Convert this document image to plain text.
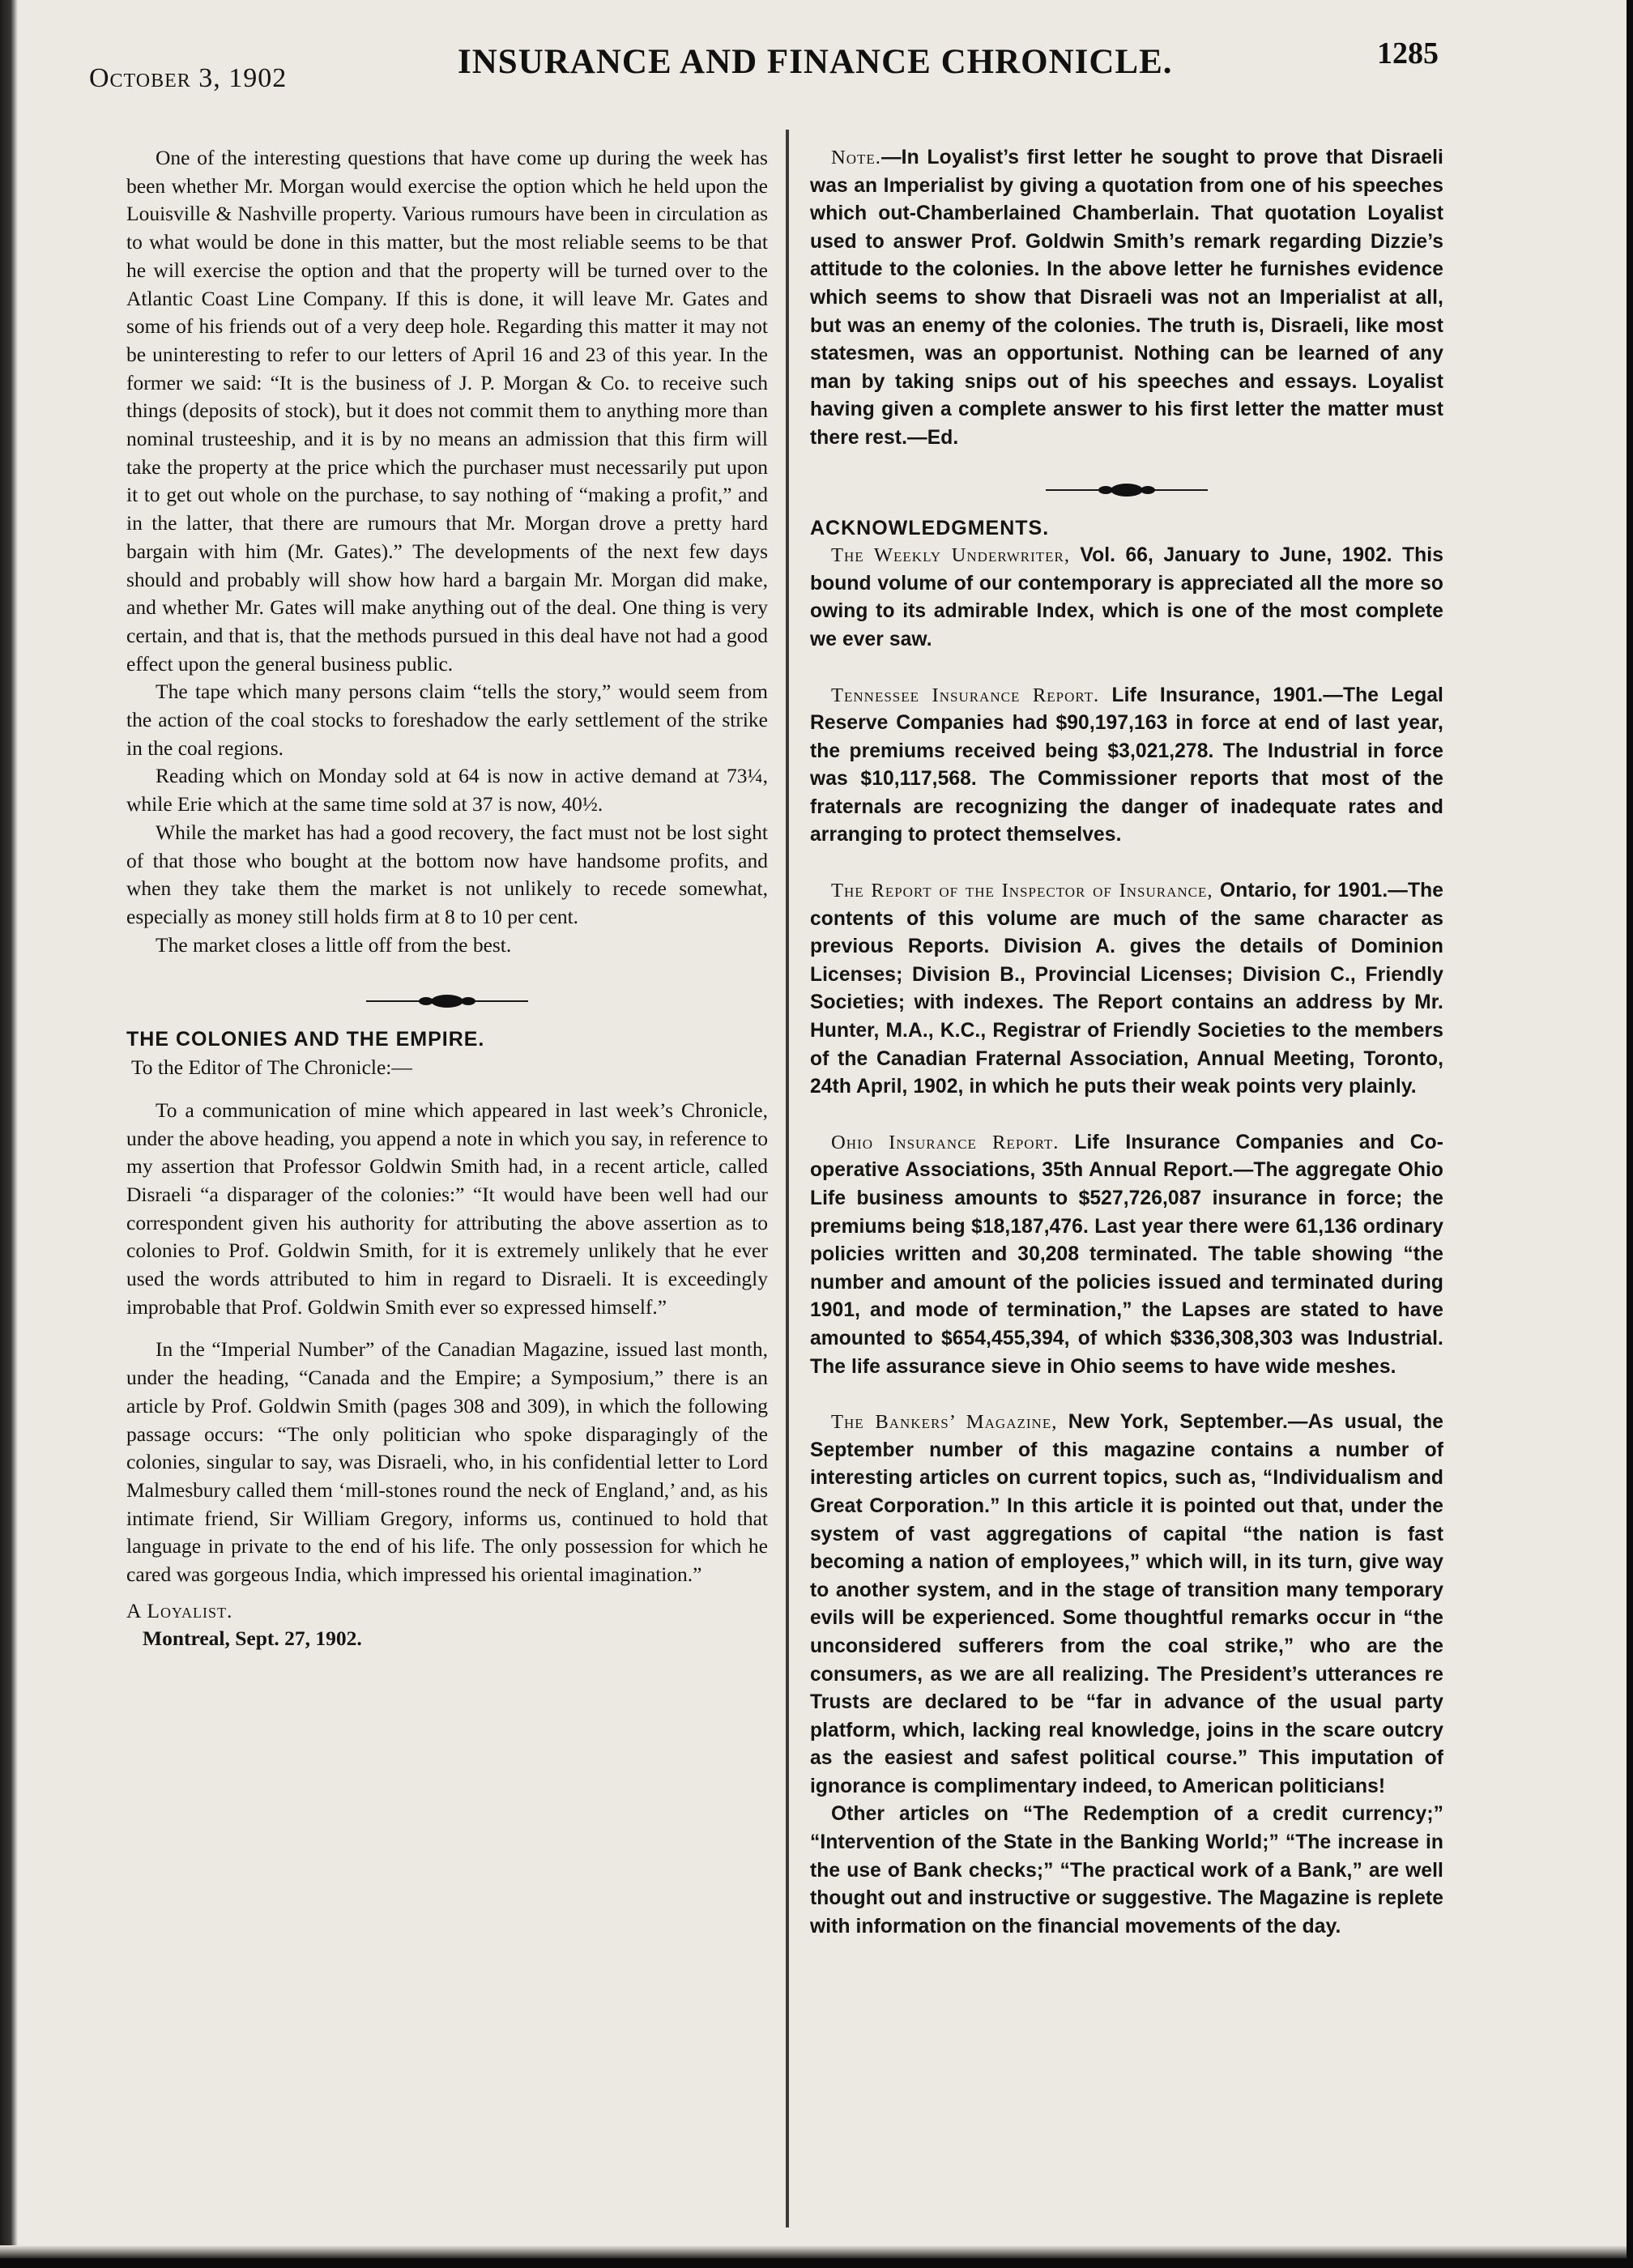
October 3, 1902	INSURANCE AND FINANCE CHRONICLE.	1285

One of the interesting questions that have come up during the week has been whether Mr. Morgan would exercise the option which he held upon the Louisville & Nashville property. Various rumours have been in circulation as to what would be done in this matter, but the most reliable seems to be that he will exercise the option and that the property will be turned over to the Atlantic Coast Line Company. If this is done, it will leave Mr. Gates and some of his friends out of a very deep hole. Regarding this matter it may not be uninteresting to refer to our letters of April 16 and 23 of this year. In the former we said: “It is the business of J. P. Morgan & Co. to receive such things (deposits of stock), but it does not commit them to anything more than nominal trusteeship, and it is by no means an admission that this firm will take the property at the price which the purchaser must necessarily put upon it to get out whole on the purchase, to say nothing of “making a profit,” and in the latter, that there are rumours that Mr. Morgan drove a pretty hard bargain with him (Mr. Gates).” The developments of the next few days should and probably will show how hard a bargain Mr. Morgan did make, and whether Mr. Gates will make anything out of the deal. One thing is very certain, and that is, that the methods pursued in this deal have not had a good effect upon the general business public.

The tape which many persons claim “tells the story,” would seem from the action of the coal stocks to foreshadow the early settlement of the strike in the coal regions.

Reading which on Monday sold at 64 is now in active demand at 73¼, while Erie which at the same time sold at 37 is now, 40½.

While the market has had a good recovery, the fact must not be lost sight of that those who bought at the bottom now have handsome profits, and when they take them the market is not unlikely to recede somewhat, especially as money still holds firm at 8 to 10 per cent.

The market closes a little off from the best.

THE COLONIES AND THE EMPIRE.

To the Editor of The Chronicle:—

To a communication of mine which appeared in last week’s Chronicle, under the above heading, you append a note in which you say, in reference to my assertion that Professor Goldwin Smith had, in a recent article, called Disraeli “a disparager of the colonies:” “It would have been well had our correspondent given his authority for attributing the above assertion as to colonies to Prof. Goldwin Smith, for it is extremely unlikely that he ever used the words attributed to him in regard to Disraeli. It is exceedingly improbable that Prof. Goldwin Smith ever so expressed himself.”

In the “Imperial Number” of the Canadian Magazine, issued last month, under the heading, “Canada and the Empire; a Symposium,” there is an article by Prof. Goldwin Smith (pages 308 and 309), in which the following passage occurs: “The only politician who spoke disparagingly of the colonies, singular to say, was Disraeli, who, in his confidential letter to Lord Malmesbury called them ‘mill-stones round the neck of England,’ and, as his intimate friend, Sir William Gregory, informs us, continued to hold that language in private to the end of his life. The only possession for which he cared was gorgeous India, which impressed his oriental imagination.”

A Loyalist.

Montreal, Sept. 27, 1902.

Note.—In Loyalist’s first letter he sought to prove that Disraeli was an Imperialist by giving a quotation from one of his speeches which out-Chamberlained Chamberlain. That quotation Loyalist used to answer Prof. Goldwin Smith’s remark regarding Dizzie’s attitude to the colonies. In the above letter he furnishes evidence which seems to show that Disraeli was not an Imperialist at all, but was an enemy of the colonies. The truth is, Disraeli, like most statesmen, was an opportunist. Nothing can be learned of any man by taking snips out of his speeches and essays. Loyalist having given a complete answer to his first letter the matter must there rest.—Ed.

ACKNOWLEDGMENTS.

The Weekly Underwriter, Vol. 66, January to June, 1902. This bound volume of our contemporary is appreciated all the more so owing to its admirable Index, which is one of the most complete we ever saw.

Tennessee Insurance Report. Life Insurance, 1901.—The Legal Reserve Companies had $90,197,163 in force at end of last year, the premiums received being $3,021,278. The Industrial in force was $10,117,568. The Commissioner reports that most of the fraternals are recognizing the danger of inadequate rates and arranging to protect themselves.

The Report of the Inspector of Insurance, Ontario, for 1901.—The contents of this volume are much of the same character as previous Reports. Division A. gives the details of Dominion Licenses; Division B., Provincial Licenses; Division C., Friendly Societies; with indexes. The Report contains an address by Mr. Hunter, M.A., K.C., Registrar of Friendly Societies to the members of the Canadian Fraternal Association, Annual Meeting, Toronto, 24th April, 1902, in which he puts their weak points very plainly.

Ohio Insurance Report. Life Insurance Companies and Co-operative Associations, 35th Annual Report.—The aggregate Ohio Life business amounts to $527,726,087 insurance in force; the premiums being $18,187,476. Last year there were 61,136 ordinary policies written and 30,208 terminated. The table showing “the number and amount of the policies issued and terminated during 1901, and mode of termination,” the Lapses are stated to have amounted to $654,455,394, of which $336,308,303 was Industrial. The life assurance sieve in Ohio seems to have wide meshes.

The Bankers’ Magazine, New York, September.—As usual, the September number of this magazine contains a number of interesting articles on current topics, such as, “Individualism and Great Corporation.” In this article it is pointed out that, under the system of vast aggregations of capital “the nation is fast becoming a nation of employees,” which will, in its turn, give way to another system, and in the stage of transition many temporary evils will be experienced. Some thoughtful remarks occur in “the unconsidered sufferers from the coal strike,” who are the consumers, as we are all realizing. The President’s utterances re Trusts are declared to be “far in advance of the usual party platform, which, lacking real knowledge, joins in the scare outcry as the easiest and safest political course.” This imputation of ignorance is complimentary indeed, to American politicians!

Other articles on “The Redemption of a credit currency;” “Intervention of the State in the Banking World;” “The increase in the use of Bank checks;” “The practical work of a Bank,” are well thought out and instructive or suggestive. The Magazine is replete with information on the financial movements of the day.
